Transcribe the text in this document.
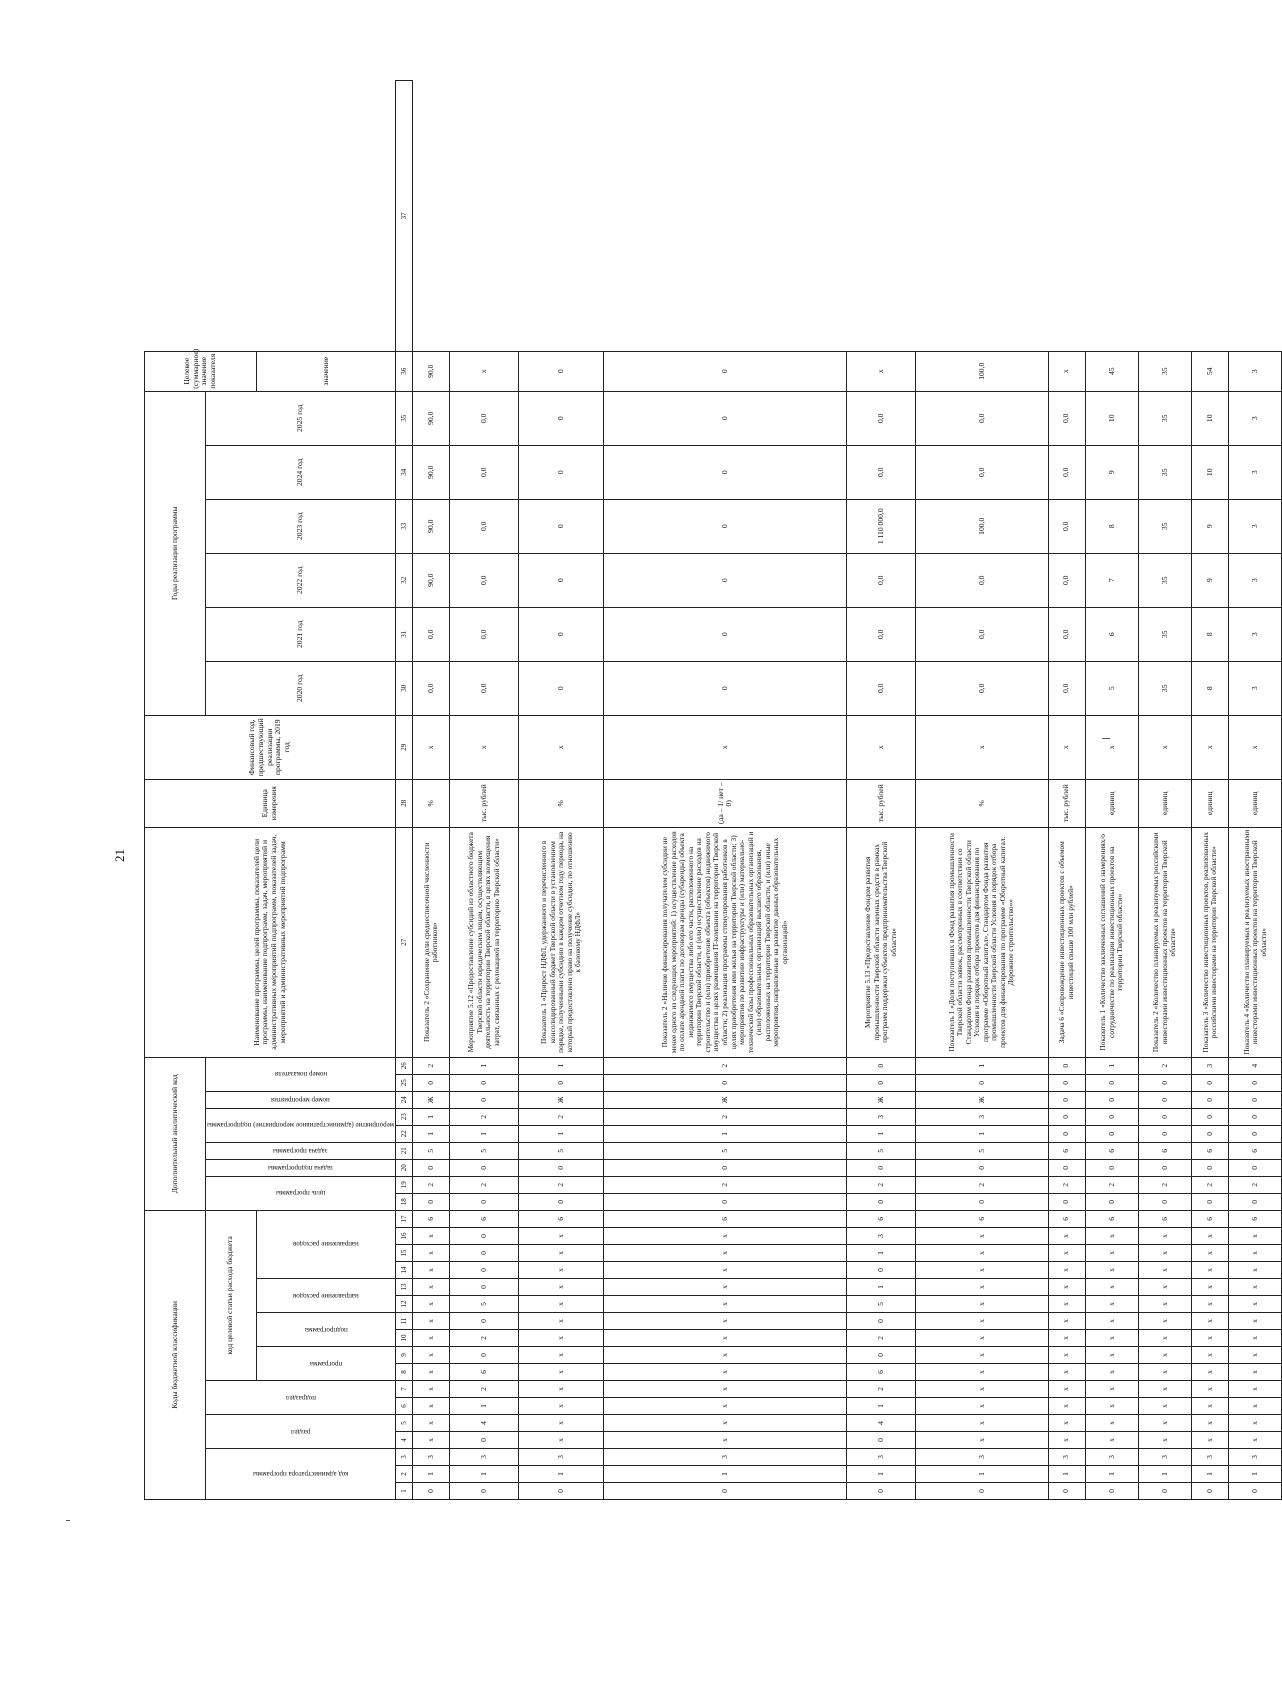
21
Коды бюджетной классификации																	Дополнительный аналитический код									Наименование программы, целей программы, показателей цели программы, наименование подпрограмм, задач, мероприятий и административных мероприятий подпрограмм, показателей задач, мероприятий и административных мероприятий подпрограмм	Единица измерения	Финансовый год, предшествующий реализации программы, 2019 год	Годы реализации программы						Целевое (суммарное) значение показателя	

код администратора программы			раздел		подраздел		код целевой статьи расхода бюджета										цель программы		задача подпрограммы	задача программы	мероприятие (административное мероприятие) подпрограммы		номер мероприятия	номер показателя					2020 год	2021 год	2022 год	2023 год	2024 год	2025 год		

							программа		подпрограмма		направление расходов		направление расходов																						значение	
1	2	3	4	5	6	7	8	9	10	11	12	13	14	15	16	17	18	19	20	21	22	23	24	25	26	27	28	29	30	31	32	33	34	35	36	37
0	1	3	х	х	х	х	х	х	х	х	х	х	х	х	х	6	0	2	0	5	1	1	Ж	0	2	Показатель 2 «Сохранение доли среднесписочной численности работников»	%	х	0,0	0,0	90,0	90,0	90,0	90,0	90,0	
0	1	3	0	4	1	2	6	0	2	0	5	0	0	0	0	6	0	2	0	5	1	2	0	0	1	Мероприятие 5.12 «Предоставление субсидий из областного бюджета Тверской области юридическим лицам, осуществляющим деятельность на территории Тверской области, в целях возмещения затрат, связанных с релокацией на территорию Тверской области»	тыс. рублей	х	0,0	0,0	0,0	0,0	0,0	0,0	х	
0	1	3	х	х	х	х	х	х	х	х	х	х	х	х	х	6	0	2	0	5	1	2	Ж	0	1	Показатель 1 «Прирост НДФЛ, удержанного и перечисленного в консолидированный бюджет Тверской области в установленном порядке, полученными субсидию в каждом отчетном году периода, на который предоставлено право на получение субсидии, по отношению к базовому НДФЛ»	%	х	0	0	0	0	0	0	0	
0	1	3	х	х	х	х	х	х	х	х	х	х	х	х	х	6	0	2	0	5	1	2	Ж	0	2	Показатель 2 «Наличие финансирования получателем субсидии не менее одного из следующих мероприятий: 1) осуществление расходов по оплате арендной платы по договорам аренды (субаренды) объекта недвижимого имущества либо его части, расположенного на территории Тверской области, и (или) осуществление расходов на строительство и (или) приобретение объекта (объектов) недвижимого имущества в целях размещения IT-компании на территории Тверской области; 2) реализация программы стимулирования работников в целях приобретения ими жилья на территории Тверской области; 3) мероприятия по развитию инфраструктуры и (или) материально-технической базы профессиональных образовательных организаций и (или) образовательных организаций высшего образования, расположенных на территории Тверской области, и (или) иные мероприятия, направленные на развитие данных образовательных организаций»	(да – 1/ нет – 0)	х	0	0	0	0	0	0	0	
0	1	3	0	4	1	2	6	0	2	0	5	1	0	1	3	6	0	2	0	5	1	3	Ж	0	0	Мероприятие 5.13 «Предоставление Фондом развития промышленности Тверской области заемных средств в рамках программ поддержки субъектов предпринимательства Тверской области»	тыс. рублей	х	0,0	0,0	0,0	1 110 000,0	0,0	0,0	х	
0	1	3	х	х	х	х	х	х	х	х	х	х	х	х	х	6	0	2	0	5	1	3	Ж	0	1	Показатель 1 «Доля поступивших в Фонд развития промышленности Тверской области заявок, рассмотренных в соответствии со Стандартом Фонда развития промышленности Тверской области Условия и порядок отбора проектов для финансирования по программе «Оборотный капитал», Стандартом Фонда развития промышленности Тверской области Условия и порядок отбора проектов для финансирования по программе «Оборотный капитал. Дорожное строительство»»	%	х	0,0	0,0	0,0	100,0	0,0	0,0	100,0	
0	1	3	х	х	х	х	х	х	х	х	х	х	х	х	х	6	0	2	0	6	0	0	0	0	0	Задача 6 «Сопровождение инвестиционных проектов с объемом инвестиций свыше 100 млн рублей»	тыс. рублей	х	0,0	0,0	0,0	0,0	0,0	0,0	х	
0	1	3	х	х	х	х	х	х	х	х	х	х	х	х	х	6	0	2	0	6	0	0	0	0	1	Показатель 1 «Количество заключенных соглашений о намерениях/о сотрудничестве по реализации инвестиционных проектов на территории Тверской области»	единиц	х	5	6	7	8	9	10	45	
0	1	3	х	х	х	х	х	х	х	х	х	х	х	х	х	6	0	2	0	6	0	0	0	0	2	Показатель 2 «Количество планируемых и реализуемых российскими инвесторами инвестиционных проектов на территории Тверской области»	единиц	х	35	35	35	35	35	35	35	
0	1	3	х	х	х	х	х	х	х	х	х	х	х	х	х	6	0	2	0	6	0	0	0	0	3	Показатель 3 «Количество инвестиционных проектов, реализованных российскими инвесторами на территории Тверской области»	единиц	х	8	8	9	9	10	10	54	
0	1	3	х	х	х	х	х	х	х	х	х	х	х	х	х	6	0	2	0	6	0	0	0	0	4	Показатель 4 «Количество планируемых и реализуемых иностранными инвесторами инвестиционных проектов на территории Тверской области»	единиц	х	3	3	3	3	3	3	3	
